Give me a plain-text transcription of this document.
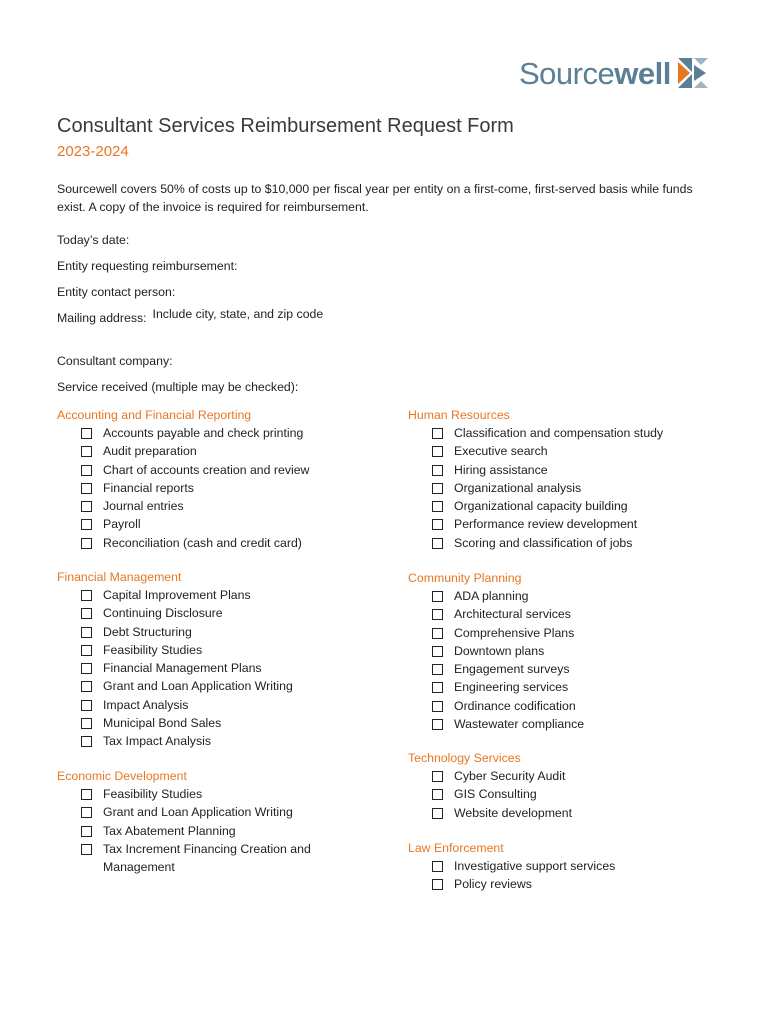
Sourcewell
Consultant Services Reimbursement Request Form
2023-2024
Sourcewell covers 50% of costs up to $10,000 per fiscal year per entity on a first-come, first-served basis while funds exist. A copy of the invoice is required for reimbursement.
Today’s date:
Entity requesting reimbursement:
Entity contact person:
Mailing address: Include city, state, and zip code
Consultant company:
Service received (multiple may be checked):
Accounting and Financial Reporting
Accounts payable and check printing
Audit preparation
Chart of accounts creation and review
Financial reports
Journal entries
Payroll
Reconciliation (cash and credit card)
Financial Management
Capital Improvement Plans
Continuing Disclosure
Debt Structuring
Feasibility Studies
Financial Management Plans
Grant and Loan Application Writing
Impact Analysis
Municipal Bond Sales
Tax Impact Analysis
Economic Development
Feasibility Studies
Grant and Loan Application Writing
Tax Abatement Planning
Tax Increment Financing Creation and Management
Human Resources
Classification and compensation study
Executive search
Hiring assistance
Organizational analysis
Organizational capacity building
Performance review development
Scoring and classification of jobs
Community Planning
ADA planning
Architectural services
Comprehensive Plans
Downtown plans
Engagement surveys
Engineering services
Ordinance codification
Wastewater compliance
Technology Services
Cyber Security Audit
GIS Consulting
Website development
Law Enforcement
Investigative support services
Policy reviews
